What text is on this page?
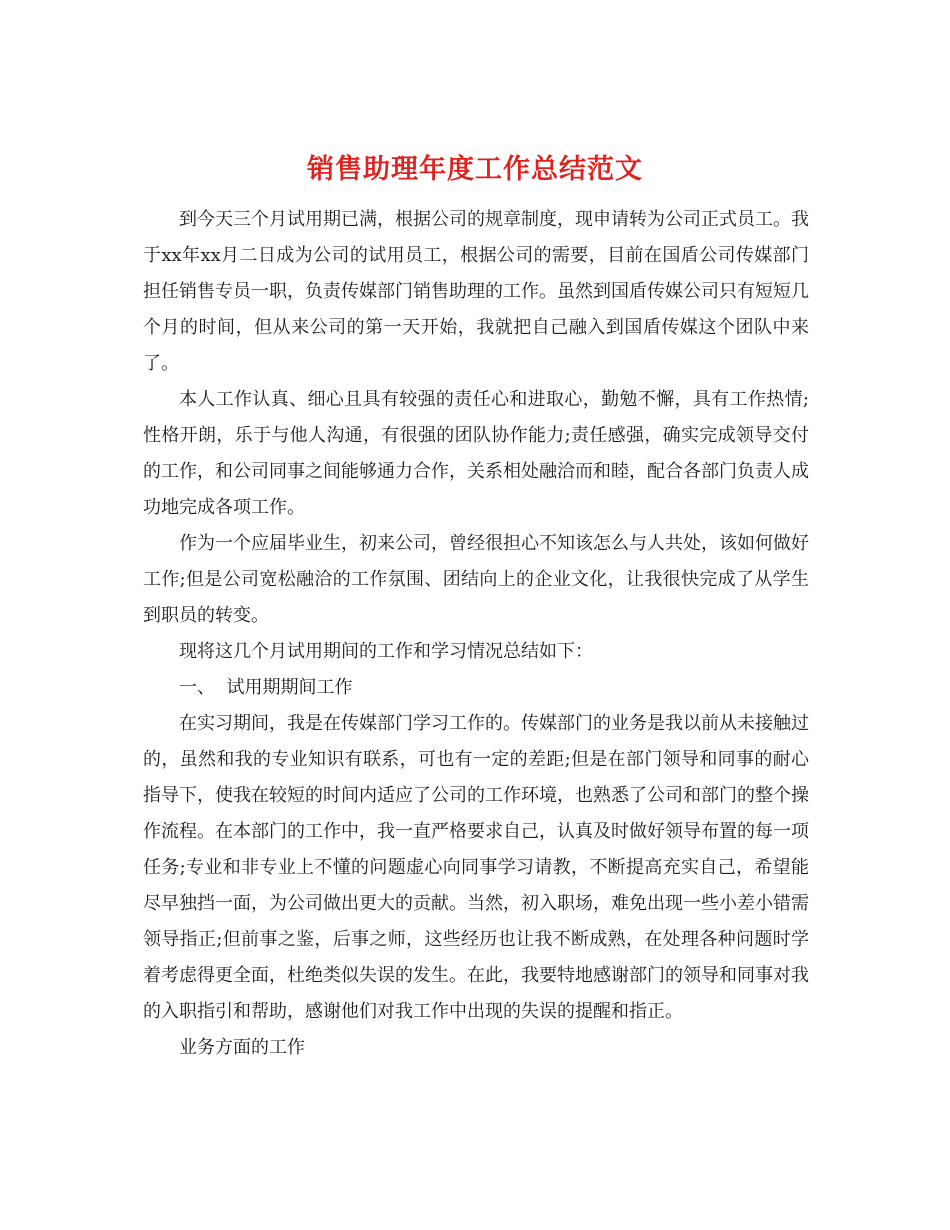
销售助理年度工作总结范文

到今天三个月试用期已满，根据公司的规章制度，现申请转为公司正式员工。我于xx年xx月二日成为公司的试用员工，根据公司的需要，目前在国盾公司传媒部门担任销售专员一职，负责传媒部门销售助理的工作。虽然到国盾传媒公司只有短短几个月的时间，但从来公司的第一天开始，我就把自己融入到国盾传媒这个团队中来了。

本人工作认真、细心且具有较强的责任心和进取心，勤勉不懈，具有工作热情;性格开朗，乐于与他人沟通，有很强的团队协作能力;责任感强，确实完成领导交付的工作，和公司同事之间能够通力合作，关系相处融洽而和睦，配合各部门负责人成功地完成各项工作。

作为一个应届毕业生，初来公司，曾经很担心不知该怎么与人共处，该如何做好工作;但是公司宽松融洽的工作氛围、团结向上的企业文化，让我很快完成了从学生到职员的转变。

现将这几个月试用期间的工作和学习情况总结如下：

一、  试用期期间工作

在实习期间，我是在传媒部门学习工作的。传媒部门的业务是我以前从未接触过的，虽然和我的专业知识有联系，可也有一定的差距;但是在部门领导和同事的耐心指导下，使我在较短的时间内适应了公司的工作环境，也熟悉了公司和部门的整个操作流程。在本部门的工作中，我一直严格要求自己，认真及时做好领导布置的每一项任务;专业和非专业上不懂的问题虚心向同事学习请教，不断提高充实自己，希望能尽早独挡一面，为公司做出更大的贡献。当然，初入职场，难免出现一些小差小错需领导指正;但前事之鉴，后事之师，这些经历也让我不断成熟，在处理各种问题时学着考虑得更全面，杜绝类似失误的发生。在此，我要特地感谢部门的领导和同事对我的入职指引和帮助，感谢他们对我工作中出现的失误的提醒和指正。

业务方面的工作
